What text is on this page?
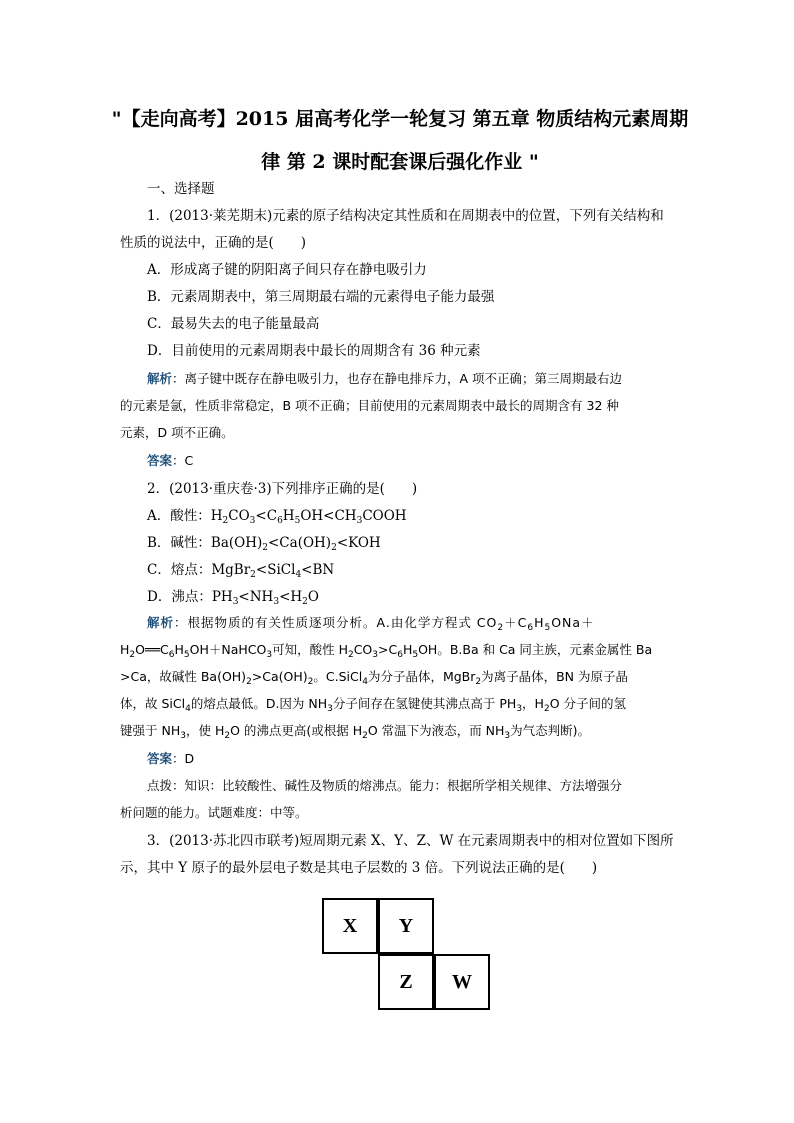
"【走向高考】2015 届高考化学一轮复习 第五章 物质结构元素周期
律 第 2 课时配套课后强化作业 "
一、选择题
1．(2013·莱芜期末)元素的原子结构决定其性质和在周期表中的位置，下列有关结构和
性质的说法中，正确的是(　　)
A．形成离子键的阴阳离子间只存在静电吸引力
B．元素周期表中，第三周期最右端的元素得电子能力最强
C．最易失去的电子能量最高
D．目前使用的元素周期表中最长的周期含有 36 种元素
解析：离子键中既存在静电吸引力，也存在静电排斥力，A 项不正确；第三周期最右边
的元素是氩，性质非常稳定，B 项不正确；目前使用的元素周期表中最长的周期含有 32 种
元素，D 项不正确。
答案：C
2．(2013·重庆卷·3)下列排序正确的是(　　)
A．酸性：$H_2CO_3<C_6H_5OH<CH_3COOH$
B．碱性：$Ba(OH)_2<Ca(OH)_2<KOH$
C．熔点：MgBr$_2$<SiCl$_4$<BN
D．沸点：$PH_3<NH_3<H_2O$
解析：根据物质的有关性质逐项分析。A.由化学方程式 $CO_2+C_6H_5ONa+$
$H_2O══C_6H_5OH+NaHCO_3$可知，酸性 $H_2CO_3>C_6H_5OH$。B.Ba 和 Ca 同主族，元素金属性 Ba
>Ca，故碱性 $Ba(OH)_2>Ca(OH)_2$。C.SiCl$_4$为分子晶体，MgBr$_2$为离子晶体，BN 为原子晶
体，故 SiCl$_4$的熔点最低。D.因为 $NH_3$分子间存在氢键使其沸点高于 $PH_3$，$H_2O$ 分子间的氢
键强于 $NH_3$，使 $H_2O$ 的沸点更高(或根据 $H_2O$ 常温下为液态，而 $NH_3$为气态判断)。
答案：D
点拨：知识：比较酸性、碱性及物质的熔沸点。能力：根据所学相关规律、方法增强分
析问题的能力。试题难度：中等。
3．(2013·苏北四市联考)短周期元素 X、Y、Z、W 在元素周期表中的相对位置如下图所
示，其中 Y 原子的最外层电子数是其电子层数的 3 倍。下列说法正确的是(　　)
X	Y
Z	W
